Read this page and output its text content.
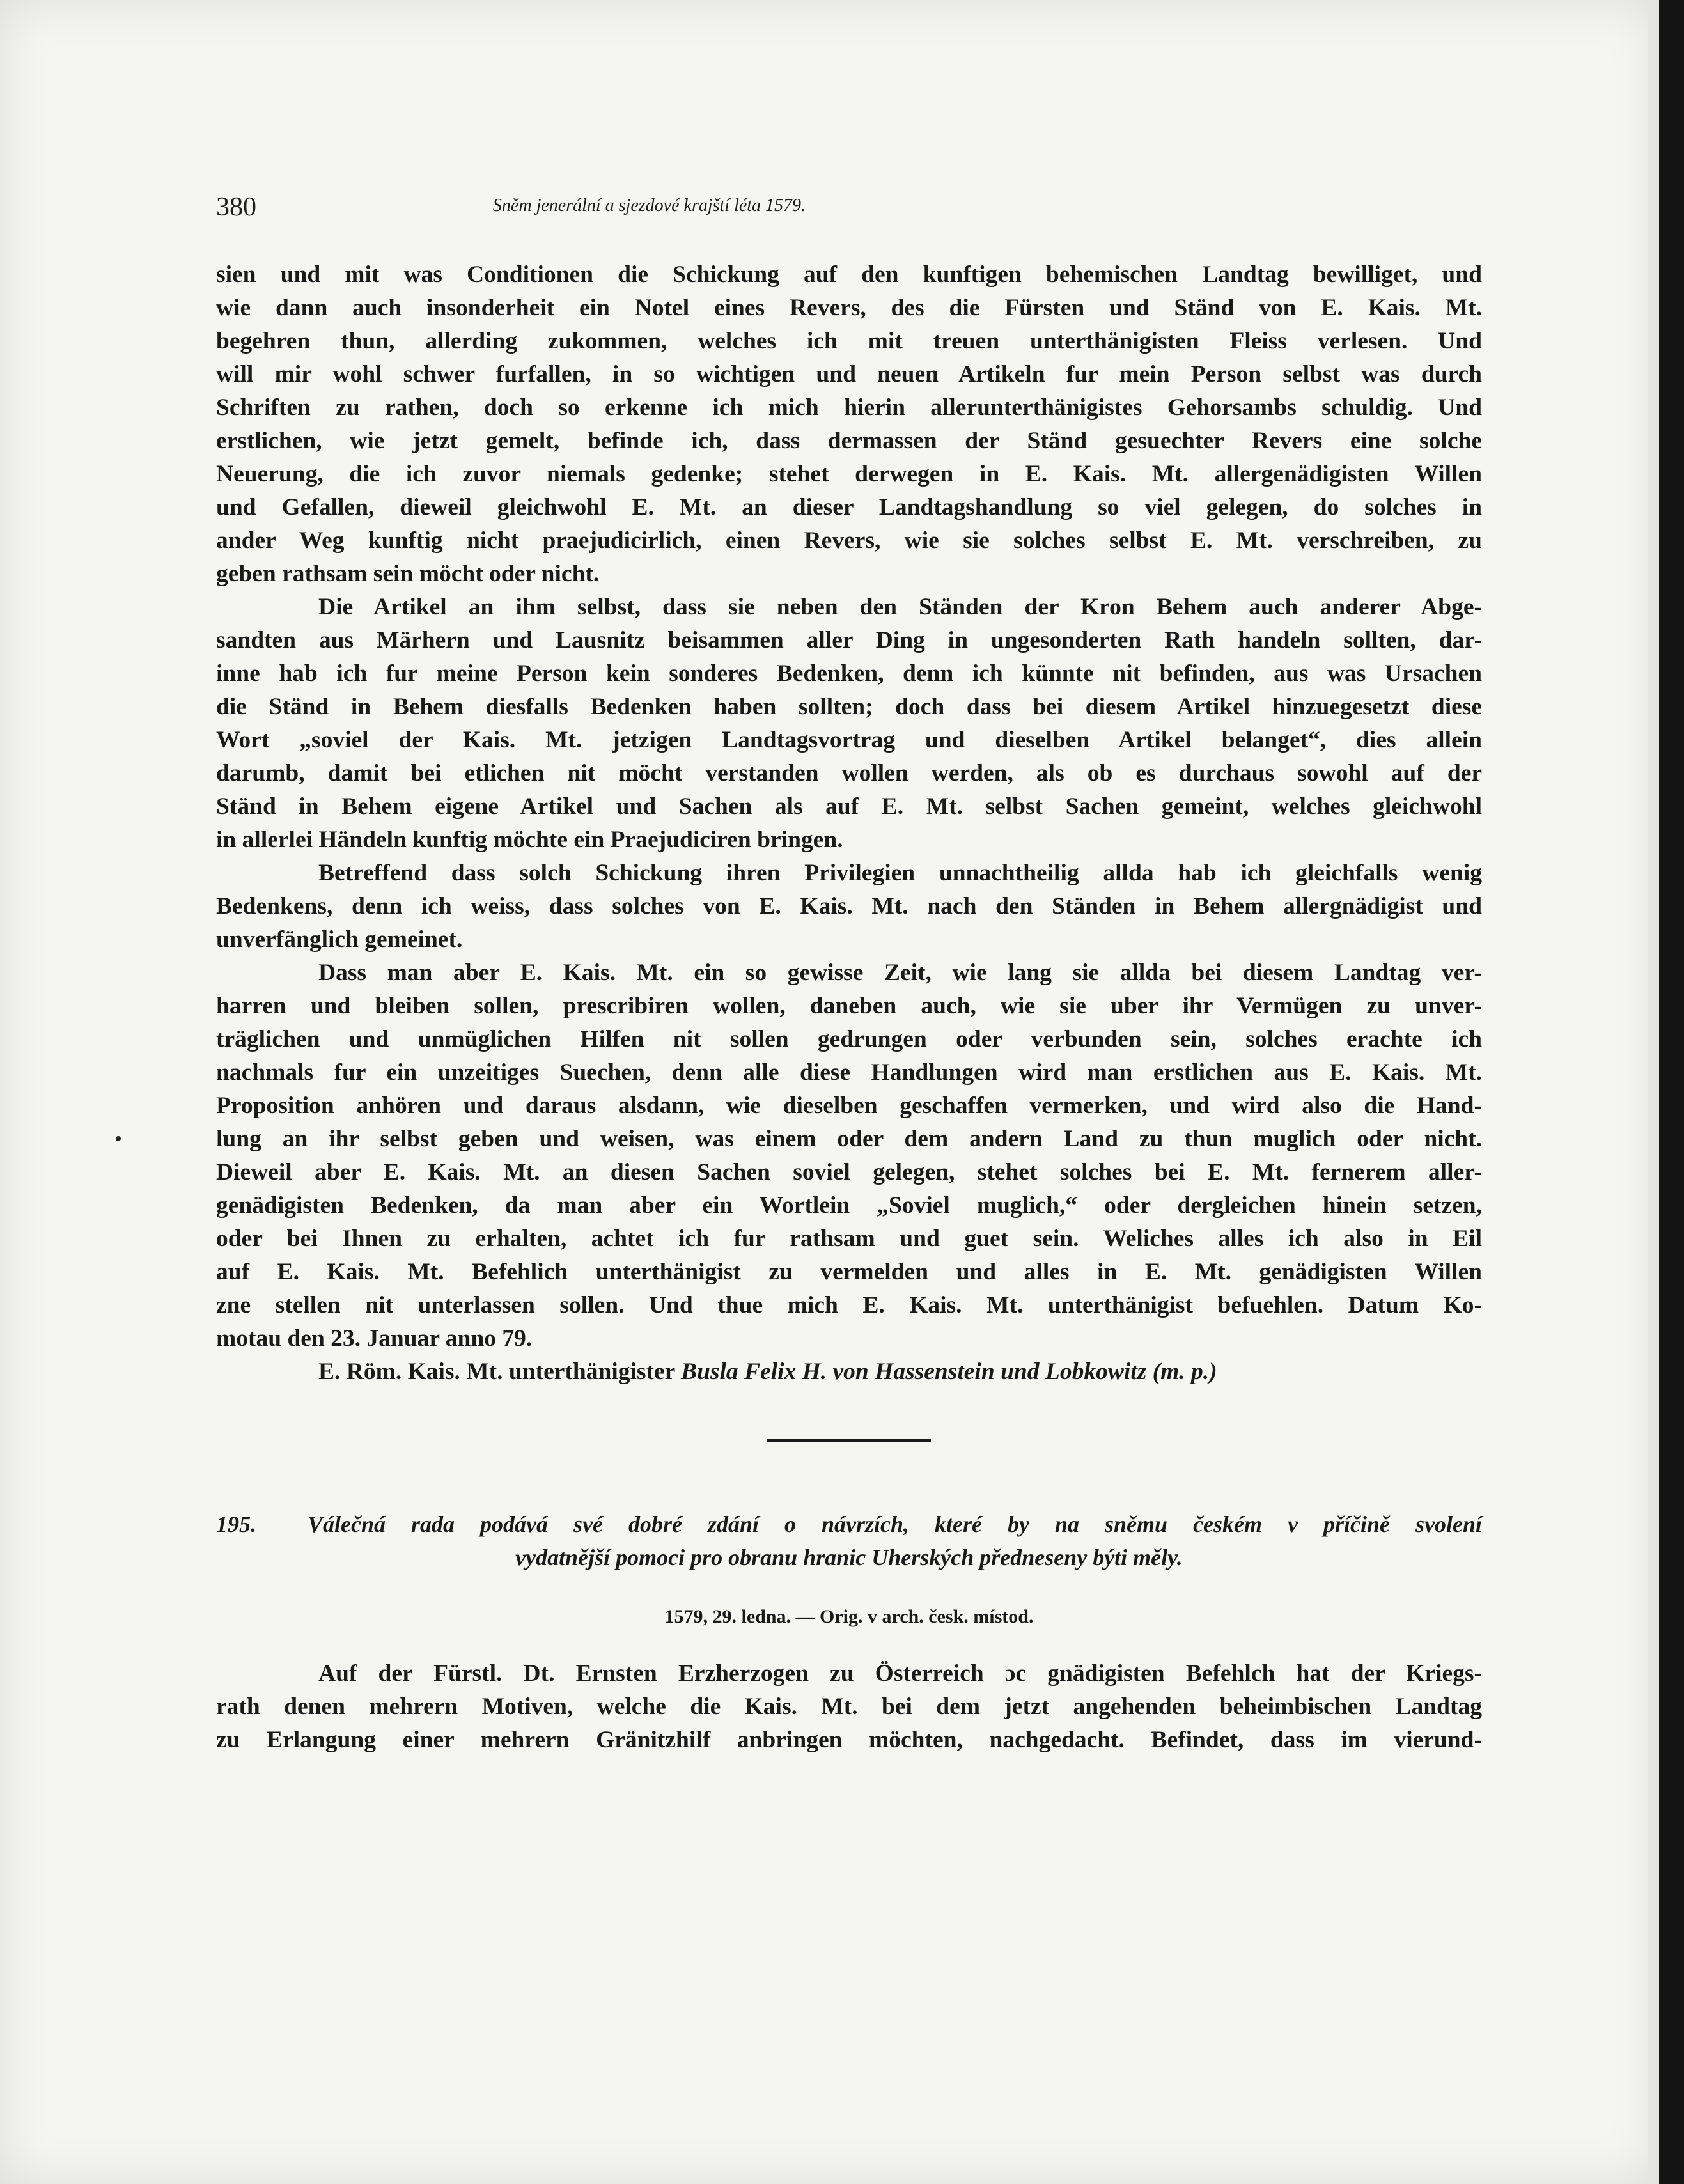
380	Sněm jenerální a sjezdové krajští léta 1579.
sien und mit was Conditionen die Schickung auf den kunftigen behemischen Landtag bewilliget, und
wie dann auch insonderheit ein Notel eines Revers, des die Fürsten und Ständ von E. Kais. Mt.
begehren thun, allerding zukommen, welches ich mit treuen unterthänigisten Fleiss verlesen. Und
will mir wohl schwer furfallen, in so wichtigen und neuen Artikeln fur mein Person selbst was durch
Schriften zu rathen, doch so erkenne ich mich hierin allerunterthänigistes Gehorsambs schuldig. Und
erstlichen, wie jetzt gemelt, befinde ich, dass dermassen der Ständ gesuechter Revers eine solche
Neuerung, die ich zuvor niemals gedenke; stehet derwegen in E. Kais. Mt. allergenädigisten Willen
und Gefallen, dieweil gleichwohl E. Mt. an dieser Landtagshandlung so viel gelegen, do solches in
ander Weg kunftig nicht praejudicirlich, einen Revers, wie sie solches selbst E. Mt. verschreiben, zu
geben rathsam sein möcht oder nicht.
Die Artikel an ihm selbst, dass sie neben den Ständen der Kron Behem auch anderer Abge-
sandten aus Märhern und Lausnitz beisammen aller Ding in ungesonderten Rath handeln sollten, dar-
inne hab ich fur meine Person kein sonderes Bedenken, denn ich künnte nit befinden, aus was Ursachen
die Ständ in Behem diesfalls Bedenken haben sollten; doch dass bei diesem Artikel hinzuegesetzt diese
Wort „soviel der Kais. Mt. jetzigen Landtagsvortrag und dieselben Artikel belanget“, dies allein
darumb, damit bei etlichen nit möcht verstanden wollen werden, als ob es durchaus sowohl auf der
Ständ in Behem eigene Artikel und Sachen als auf E. Mt. selbst Sachen gemeint, welches gleichwohl
in allerlei Händeln kunftig möchte ein Praejudiciren bringen.
Betreffend dass solch Schickung ihren Privilegien unnachtheilig allda hab ich gleichfalls wenig
Bedenkens, denn ich weiss, dass solches von E. Kais. Mt. nach den Ständen in Behem allergnädigist und
unverfänglich gemeinet.
Dass man aber E. Kais. Mt. ein so gewisse Zeit, wie lang sie allda bei diesem Landtag ver-
harren und bleiben sollen, prescribiren wollen, daneben auch, wie sie uber ihr Vermügen zu unver-
träglichen und unmüglichen Hilfen nit sollen gedrungen oder verbunden sein, solches erachte ich
nachmals fur ein unzeitiges Suechen, denn alle diese Handlungen wird man erstlichen aus E. Kais. Mt.
Proposition anhören und daraus alsdann, wie dieselben geschaffen vermerken, und wird also die Hand-
lung an ihr selbst geben und weisen, was einem oder dem andern Land zu thun muglich oder nicht.
Dieweil aber E. Kais. Mt. an diesen Sachen soviel gelegen, stehet solches bei E. Mt. fernerem aller-
genädigisten Bedenken, da man aber ein Wortlein „Soviel muglich,“ oder dergleichen hinein setzen,
oder bei Ihnen zu erhalten, achtet ich fur rathsam und guet sein. Weliches alles ich also in Eil
auf E. Kais. Mt. Befehlich unterthänigist zu vermelden und alles in E. Mt. genädigisten Willen
zne stellen nit unterlassen sollen. Und thue mich E. Kais. Mt. unterthänigist befuehlen. Datum Ko-
motau den 23. Januar anno 79.
E. Röm. Kais. Mt. unterthänigister Busla Felix H. von Hassenstein und Lobkowitz (m. p.)
195. Válečná rada podává své dobré zdání o návrzích, které by na sněmu českém v příčině svolení
vydatnější pomoci pro obranu hranic Uherských předneseny býti měly.
1579, 29. ledna. — Orig. v arch. česk. místod.
Auf der Fürstl. Dt. Ernsten Erzherzogen zu Österreich ɔc gnädigisten Befehlch hat der Kriegs-
rath denen mehrern Motiven, welche die Kais. Mt. bei dem jetzt angehenden beheimbischen Landtag
zu Erlangung einer mehrern Gränitzhilf anbringen möchten, nachgedacht. Befindet, dass im vierund-
